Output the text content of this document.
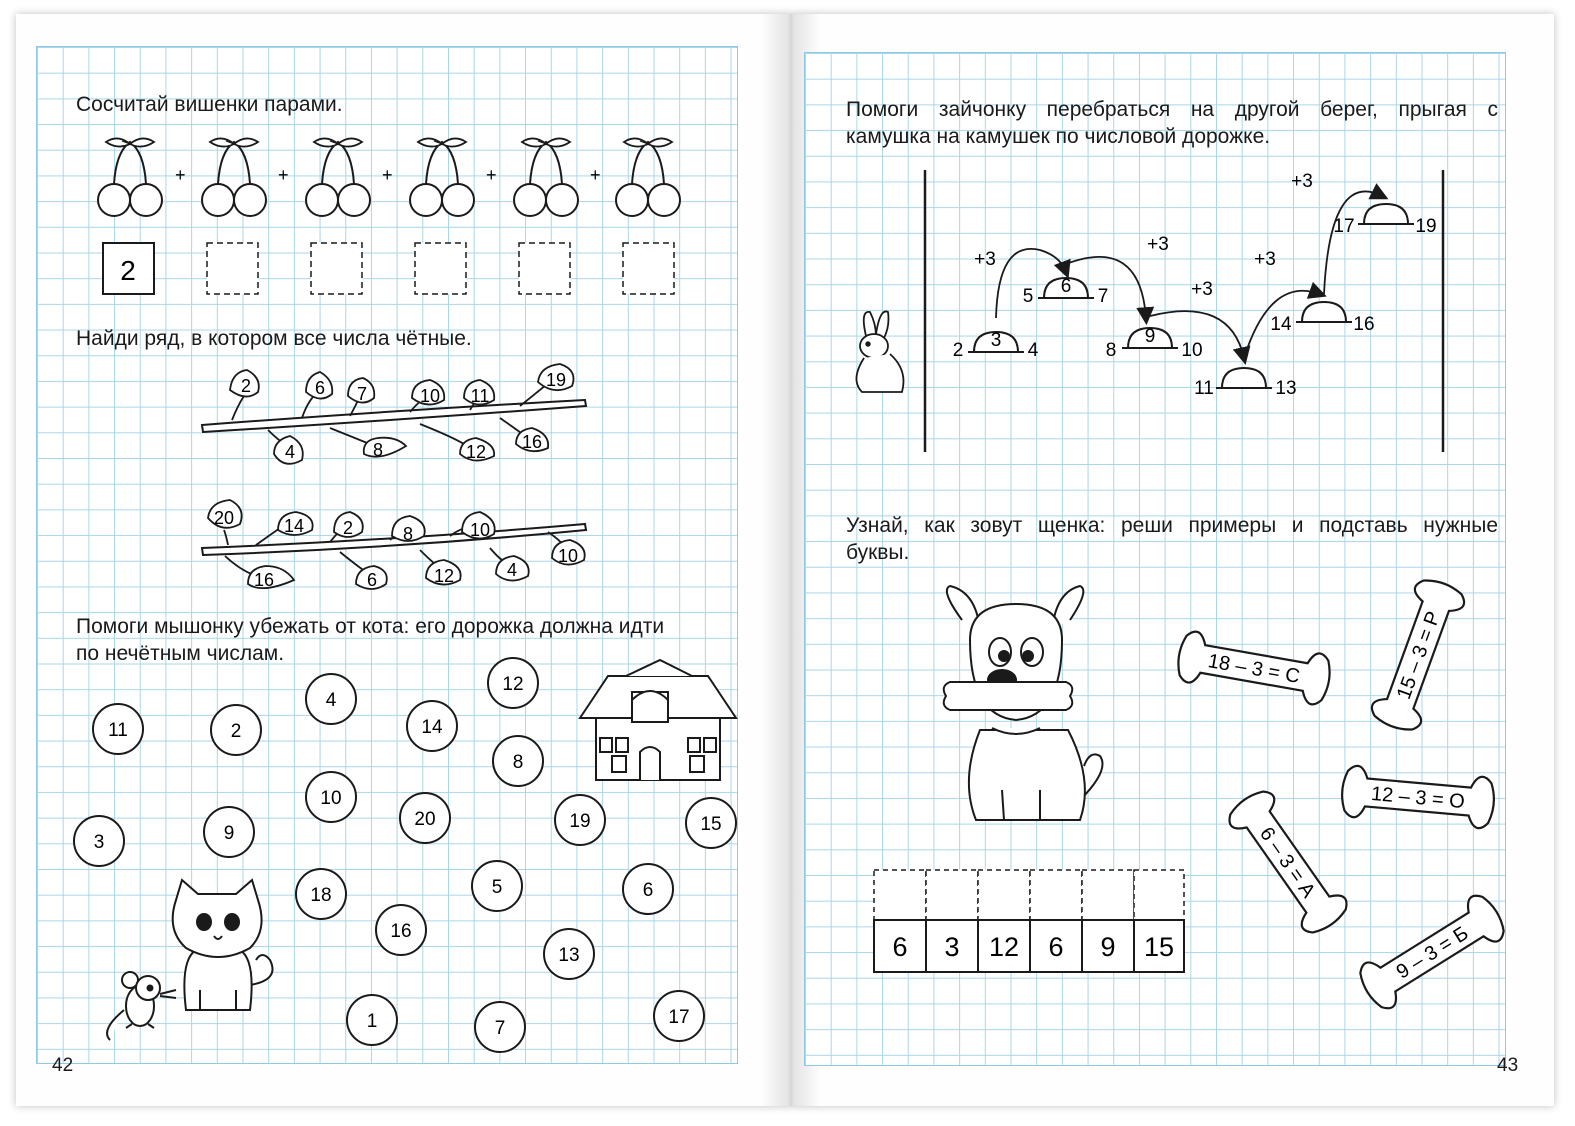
Сосчитай вишенки парами.
Найди ряд, в котором все числа чётные.
Помоги мышонку убежать от кота: его дорожка должна идти
по нечётным числам.
Помоги зайчонку перебраться на другой берег, прыгая с
камушка на камушек по числовой дорожке.
Узнай, как зовут щенка: реши примеры и подставь нужные
буквы.
42	43
+	+	+	+	+
2
2	6 7	10 11
19
4	8	12 16
20	14 2	8	10
16	6	12	4
10
11	2
4
14
12
8
10
20	19	15
3	9
18	5	6
16
13
1	7
17
3
2	4
6
5	7
9
8	10
11	13
14	16
17	19
+3
+3
+3
+3
+3
6 3 12 6 9 15
18 – 3 = С	15 – 3 = Р
12 – 3 = О
6 – 3 = А
9 – 3 = Б
